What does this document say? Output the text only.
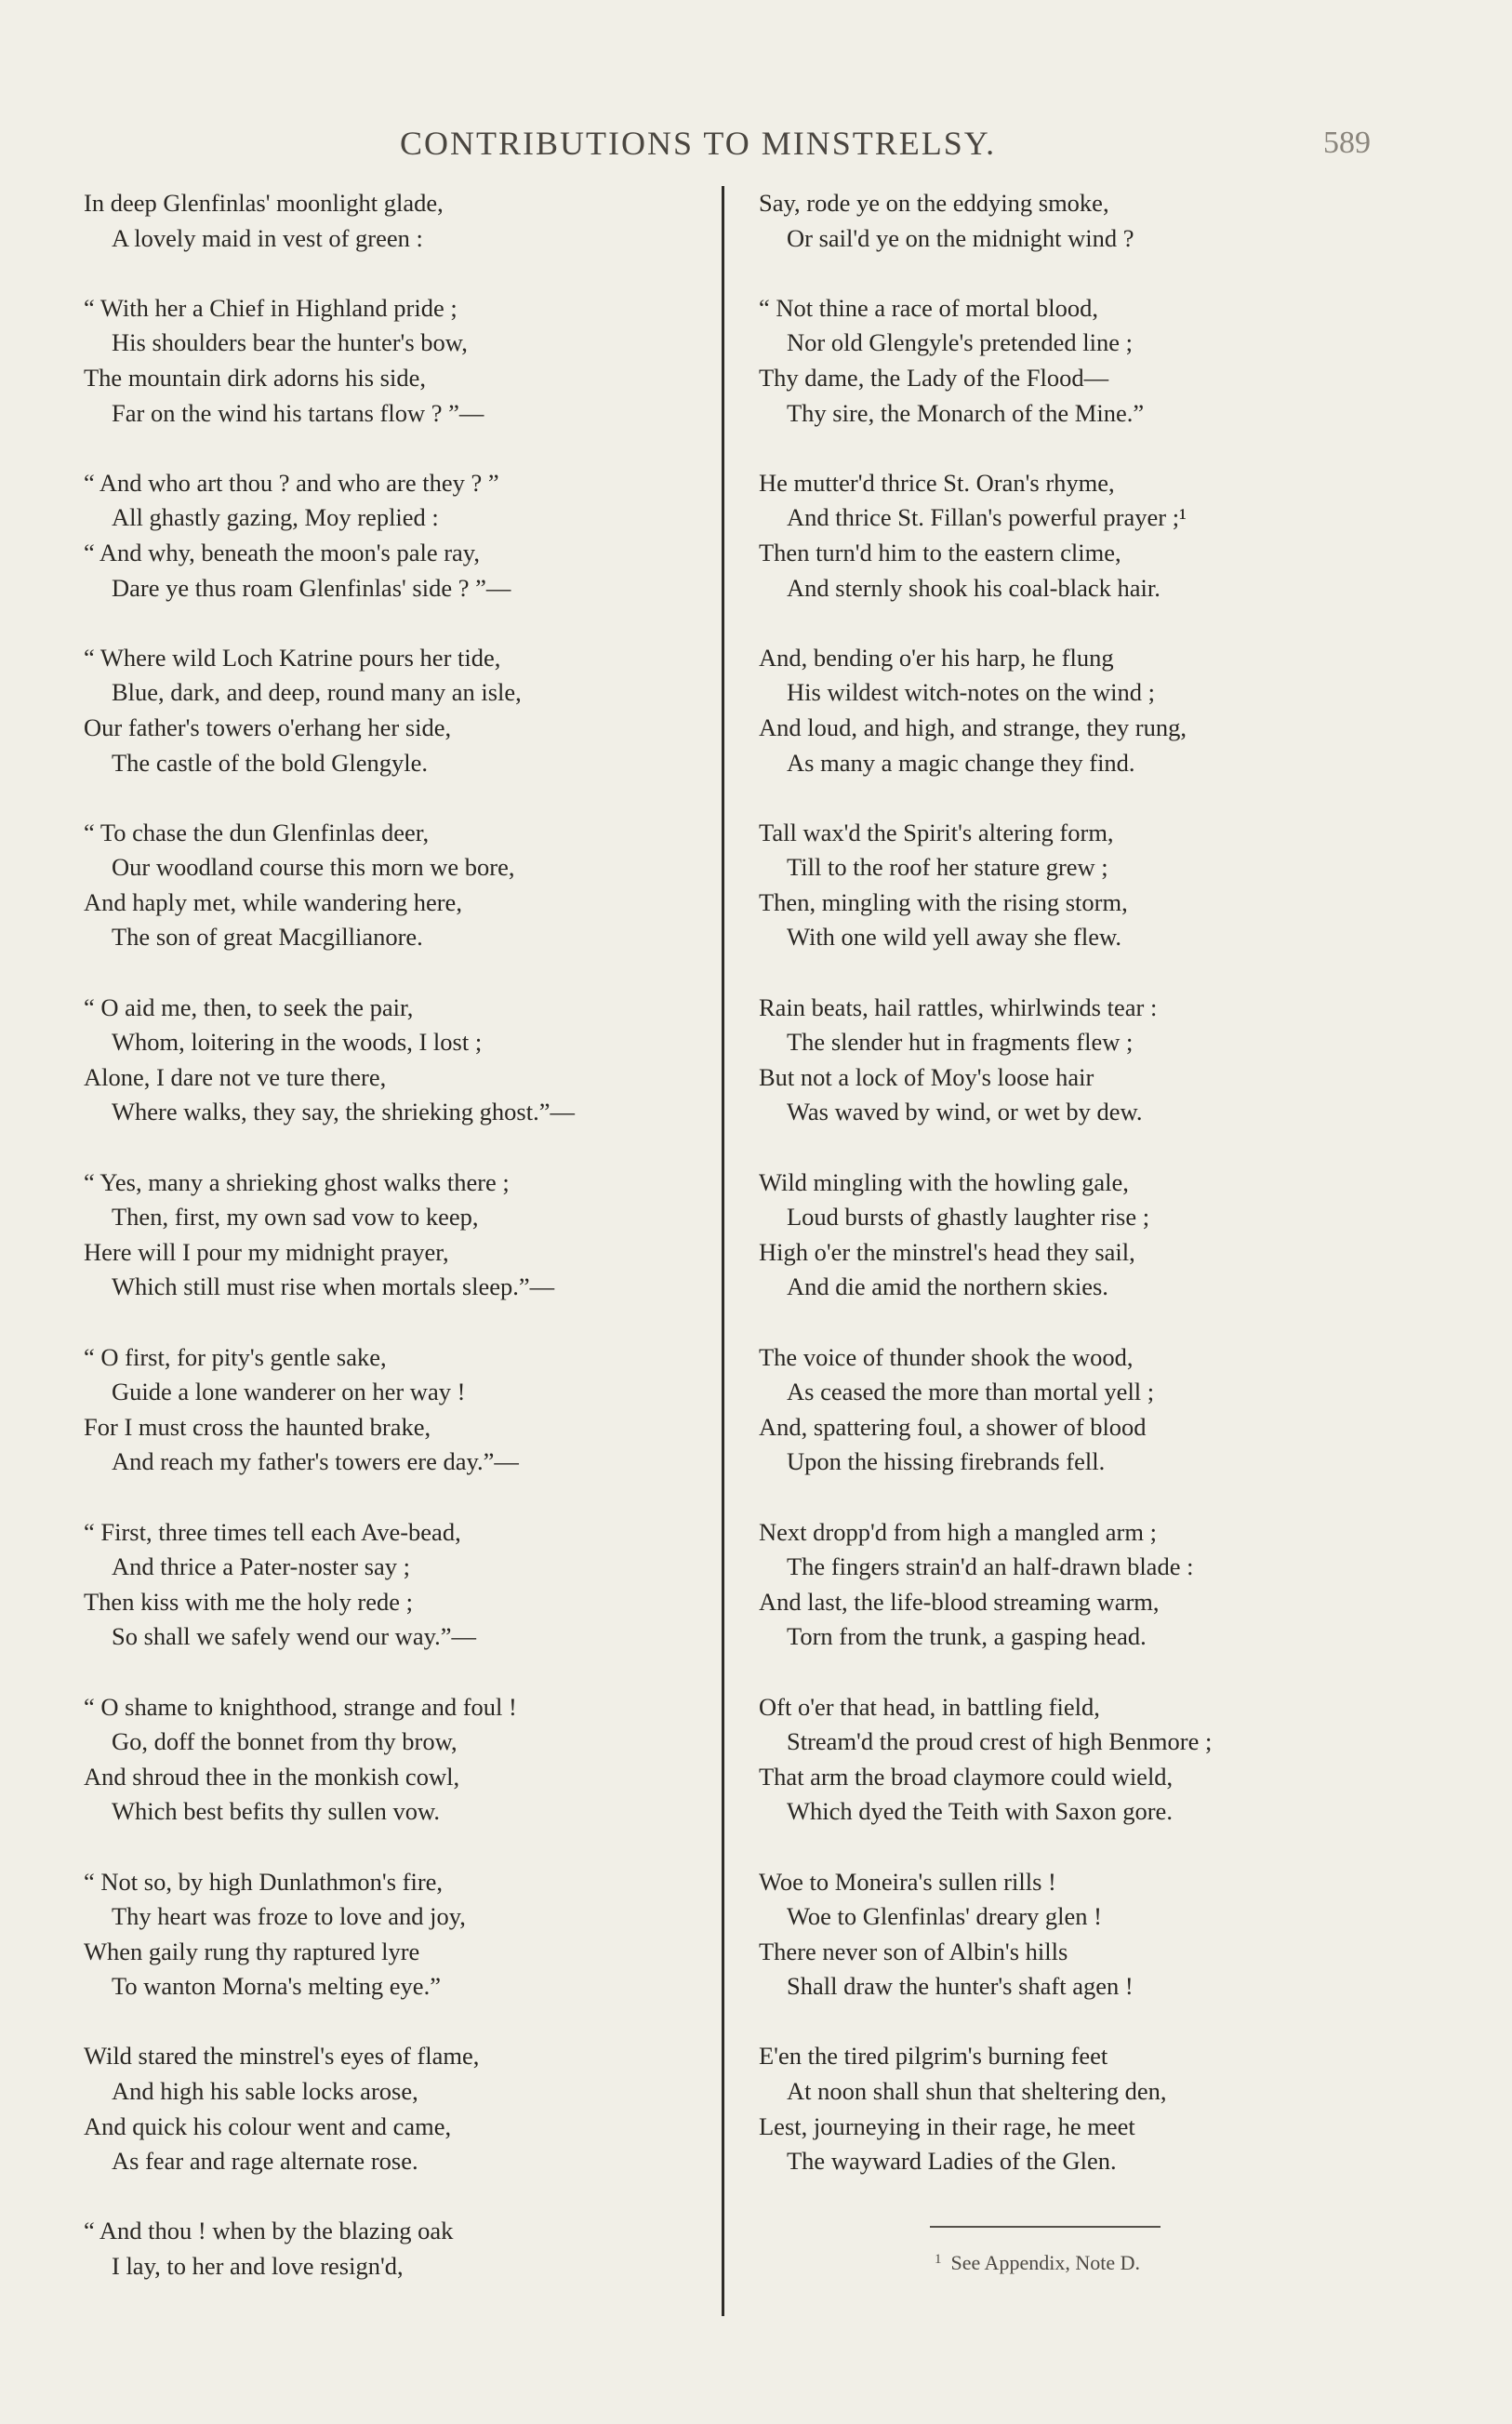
CONTRIBUTIONS TO MINSTRELSY.	589
In deep Glenfinlas' moonlight glade,
A lovely maid in vest of green :
“ With her a Chief in Highland pride ;
His shoulders bear the hunter's bow,
The mountain dirk adorns his side,
Far on the wind his tartans flow ? ”—
“ And who art thou ? and who are they ? ”
All ghastly gazing, Moy replied :
“ And why, beneath the moon's pale ray,
Dare ye thus roam Glenfinlas' side ? ”—
“ Where wild Loch Katrine pours her tide,
Blue, dark, and deep, round many an isle,
Our father's towers o'erhang her side,
The castle of the bold Glengyle.
“ To chase the dun Glenfinlas deer,
Our woodland course this morn we bore,
And haply met, while wandering here,
The son of great Macgillianore.
“ O aid me, then, to seek the pair,
Whom, loitering in the woods, I lost ;
Alone, I dare not ve ture there,
Where walks, they say, the shrieking ghost.”—
“ Yes, many a shrieking ghost walks there ;
Then, first, my own sad vow to keep,
Here will I pour my midnight prayer,
Which still must rise when mortals sleep.”—
“ O first, for pity's gentle sake,
Guide a lone wanderer on her way !
For I must cross the haunted brake,
And reach my father's towers ere day.”—
“ First, three times tell each Ave-bead,
And thrice a Pater-noster say ;
Then kiss with me the holy rede ;
So shall we safely wend our way.”—
“ O shame to knighthood, strange and foul !
Go, doff the bonnet from thy brow,
And shroud thee in the monkish cowl,
Which best befits thy sullen vow.
“ Not so, by high Dunlathmon's fire,
Thy heart was froze to love and joy,
When gaily rung thy raptured lyre
To wanton Morna's melting eye.”
Wild stared the minstrel's eyes of flame,
And high his sable locks arose,
And quick his colour went and came,
As fear and rage alternate rose.
“ And thou ! when by the blazing oak
I lay, to her and love resign'd,
Say, rode ye on the eddying smoke,
Or sail'd ye on the midnight wind ?
“ Not thine a race of mortal blood,
Nor old Glengyle's pretended line ;
Thy dame, the Lady of the Flood—
Thy sire, the Monarch of the Mine.”
He mutter'd thrice St. Oran's rhyme,
And thrice St. Fillan's powerful prayer ;¹
Then turn'd him to the eastern clime,
And sternly shook his coal-black hair.
And, bending o'er his harp, he flung
His wildest witch-notes on the wind ;
And loud, and high, and strange, they rung,
As many a magic change they find.
Tall wax'd the Spirit's altering form,
Till to the roof her stature grew ;
Then, mingling with the rising storm,
With one wild yell away she flew.
Rain beats, hail rattles, whirlwinds tear :
The slender hut in fragments flew ;
But not a lock of Moy's loose hair
Was waved by wind, or wet by dew.
Wild mingling with the howling gale,
Loud bursts of ghastly laughter rise ;
High o'er the minstrel's head they sail,
And die amid the northern skies.
The voice of thunder shook the wood,
As ceased the more than mortal yell ;
And, spattering foul, a shower of blood
Upon the hissing firebrands fell.
Next dropp'd from high a mangled arm ;
The fingers strain'd an half-drawn blade :
And last, the life-blood streaming warm,
Torn from the trunk, a gasping head.
Oft o'er that head, in battling field,
Stream'd the proud crest of high Benmore ;
That arm the broad claymore could wield,
Which dyed the Teith with Saxon gore.
Woe to Moneira's sullen rills !
Woe to Glenfinlas' dreary glen !
There never son of Albin's hills
Shall draw the hunter's shaft agen !
E'en the tired pilgrim's burning feet
At noon shall shun that sheltering den,
Lest, journeying in their rage, he meet
The wayward Ladies of the Glen.
$^1$ See Appendix, Note D.
